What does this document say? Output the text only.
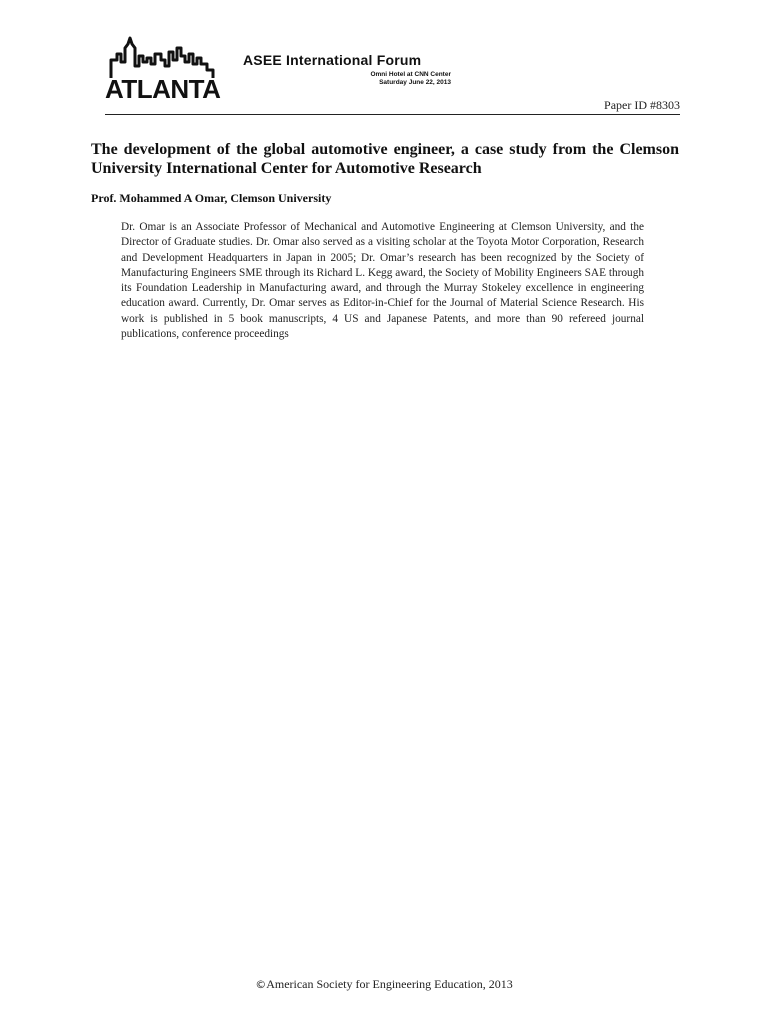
ATLANTA
ASEE International Forum
Omni Hotel at CNN Center
Saturday June 22, 2013
Paper ID #8303
The development of the global automotive engineer, a case study from the Clemson University International Center for Automotive Research
Prof. Mohammed A Omar, Clemson University

Dr. Omar is an Associate Professor of Mechanical and Automotive Engineering at Clemson University, and the Director of Graduate studies. Dr. Omar also served as a visiting scholar at the Toyota Motor Corporation, Research and Development Headquarters in Japan in 2005; Dr. Omar’s research has been recognized by the Society of Manufacturing Engineers SME through its Richard L. Kegg award, the Society of Mobility Engineers SAE through its Foundation Leadership in Manufacturing award, and through the Murray Stokeley excellence in engineering education award. Currently, Dr. Omar serves as Editor-in-Chief for the Journal of Material Science Research. His work is published in 5 book manuscripts, 4 US and Japanese Patents, and more than 90 refereed journal publications, conference proceedings

©American Society for Engineering Education, 2013
